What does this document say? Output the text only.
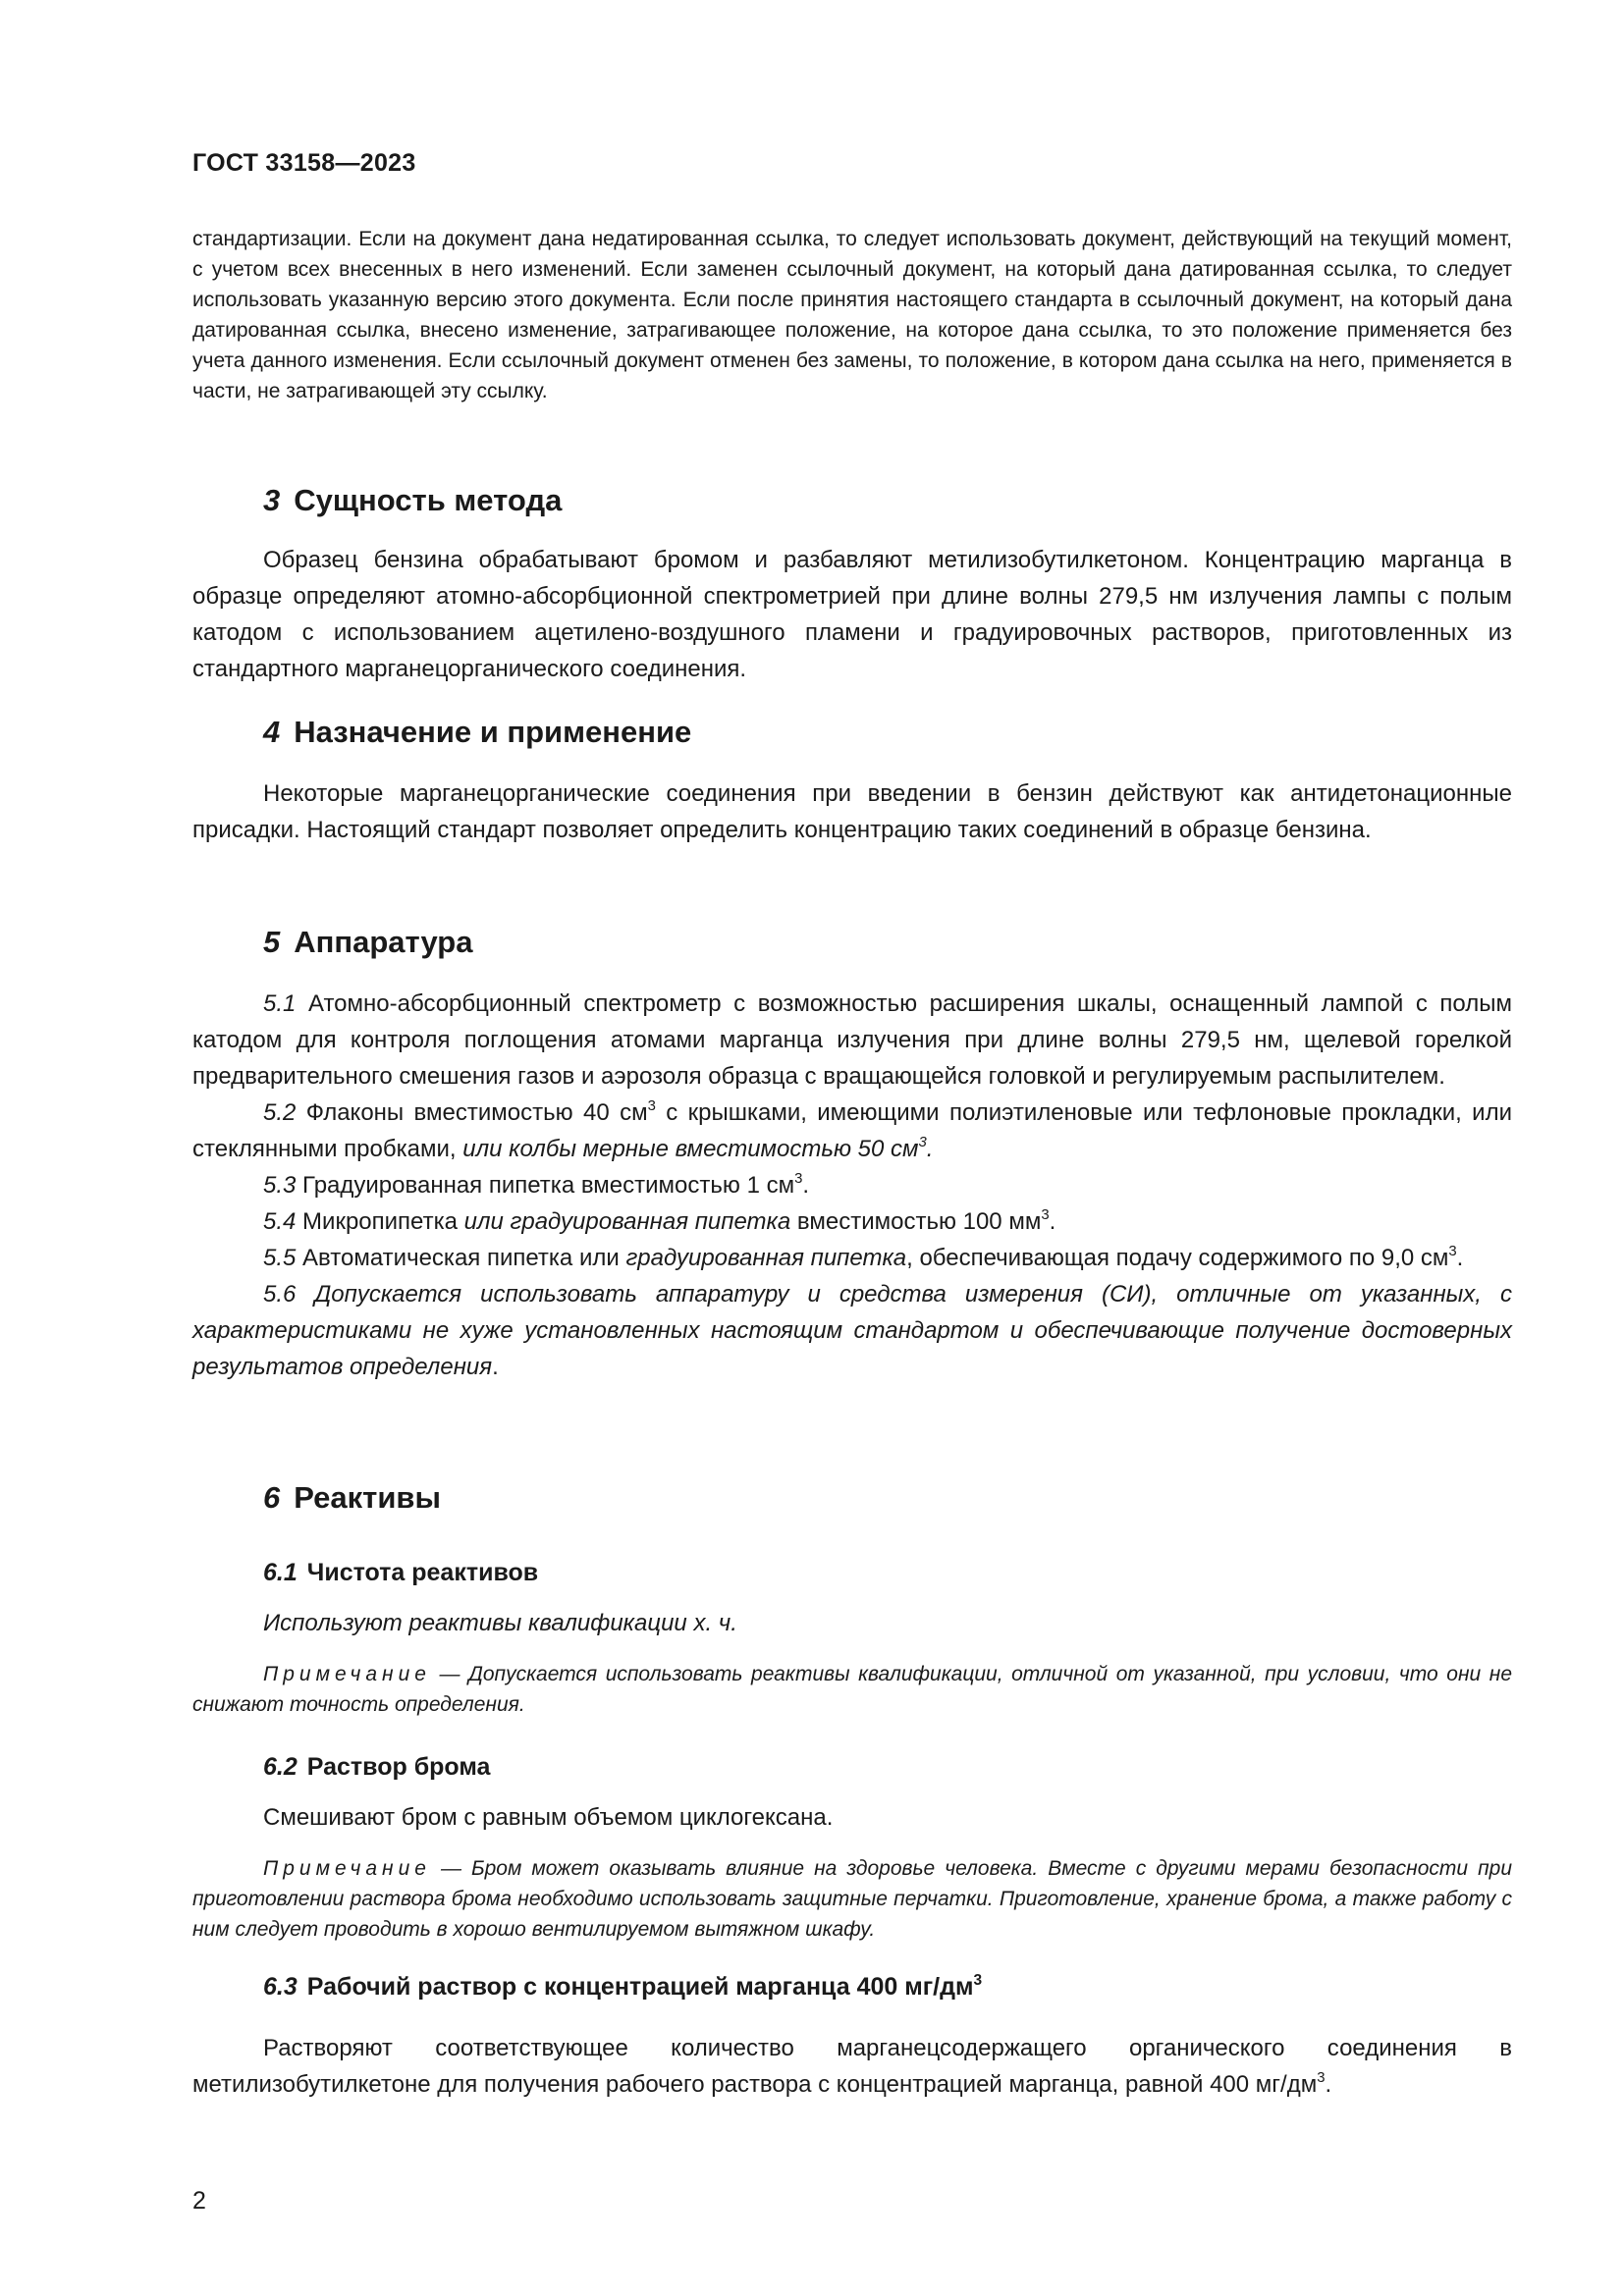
ГОСТ 33158—2023
стандартизации. Если на документ дана недатированная ссылка, то следует использовать документ, действующий на текущий момент, с учетом всех внесенных в него изменений. Если заменен ссылочный документ, на который дана датированная ссылка, то следует использовать указанную версию этого документа. Если после принятия настоящего стандарта в ссылочный документ, на который дана датированная ссылка, внесено изменение, затрагивающее положение, на которое дана ссылка, то это положение применяется без учета данного изменения. Если ссылочный документ отменен без замены, то положение, в котором дана ссылка на него, применяется в части, не затрагивающей эту ссылку.
3 Сущность метода

Образец бензина обрабатывают бромом и разбавляют метилизобутилкетоном. Концентрацию марганца в образце определяют атомно-абсорбционной спектрометрией при длине волны 279,5 нм излучения лампы с полым катодом с использованием ацетилено-воздушного пламени и градуировочных растворов, приготовленных из стандартного марганецорганического соединения.

4 Назначение и применение

Некоторые марганецорганические соединения при введении в бензин действуют как антидетонационные присадки. Настоящий стандарт позволяет определить концентрацию таких соединений в образце бензина.

5 Аппаратура

5.1 Атомно-абсорбционный спектрометр с возможностью расширения шкалы, оснащенный лампой с полым катодом для контроля поглощения атомами марганца излучения при длине волны 279,5 нм, щелевой горелкой предварительного смешения газов и аэрозоля образца с вращающейся головкой и регулируемым распылителем.

5.2 Флаконы вместимостью 40 $см^3$ с крышками, имеющими полиэтиленовые или тефлоновые прокладки, или стеклянными пробками, или колбы мерные вместимостью 50 $см^3$.

5.3 Градуированная пипетка вместимостью 1 $см^3$.

5.4 Микропипетка или градуированная пипетка вместимостью 100 $мм^3$.

5.5 Автоматическая пипетка или градуированная пипетка, обеспечивающая подачу содержимого по 9,0 $см^3$.

5.6 Допускается использовать аппаратуру и средства измерения (СИ), отличные от указанных, с характеристиками не хуже установленных настоящим стандартом и обеспечивающие получение достоверных результатов определения.

6 Реактивы
6.1 Чистота реактивов
Используют реактивы квалификации х. ч.
Примечание — Допускается использовать реактивы квалификации, отличной от указанной, при условии, что они не снижают точность определения.
6.2 Раствор брома
Смешивают бром с равным объемом циклогексана.
Примечание — Бром может оказывать влияние на здоровье человека. Вместе с другими мерами безопасности при приготовлении раствора брома необходимо использовать защитные перчатки. Приготовление, хранение брома, а также работу с ним следует проводить в хорошо вентилируемом вытяжном шкафу.
6.3 Рабочий раствор с концентрацией марганца 400 $мг/дм^3$

Растворяют соответствующее количество марганецсодержащего органического соединения в метилизобутилкетоне для получения рабочего раствора с концентрацией марганца, равной 400 $мг/дм^3$.

2
